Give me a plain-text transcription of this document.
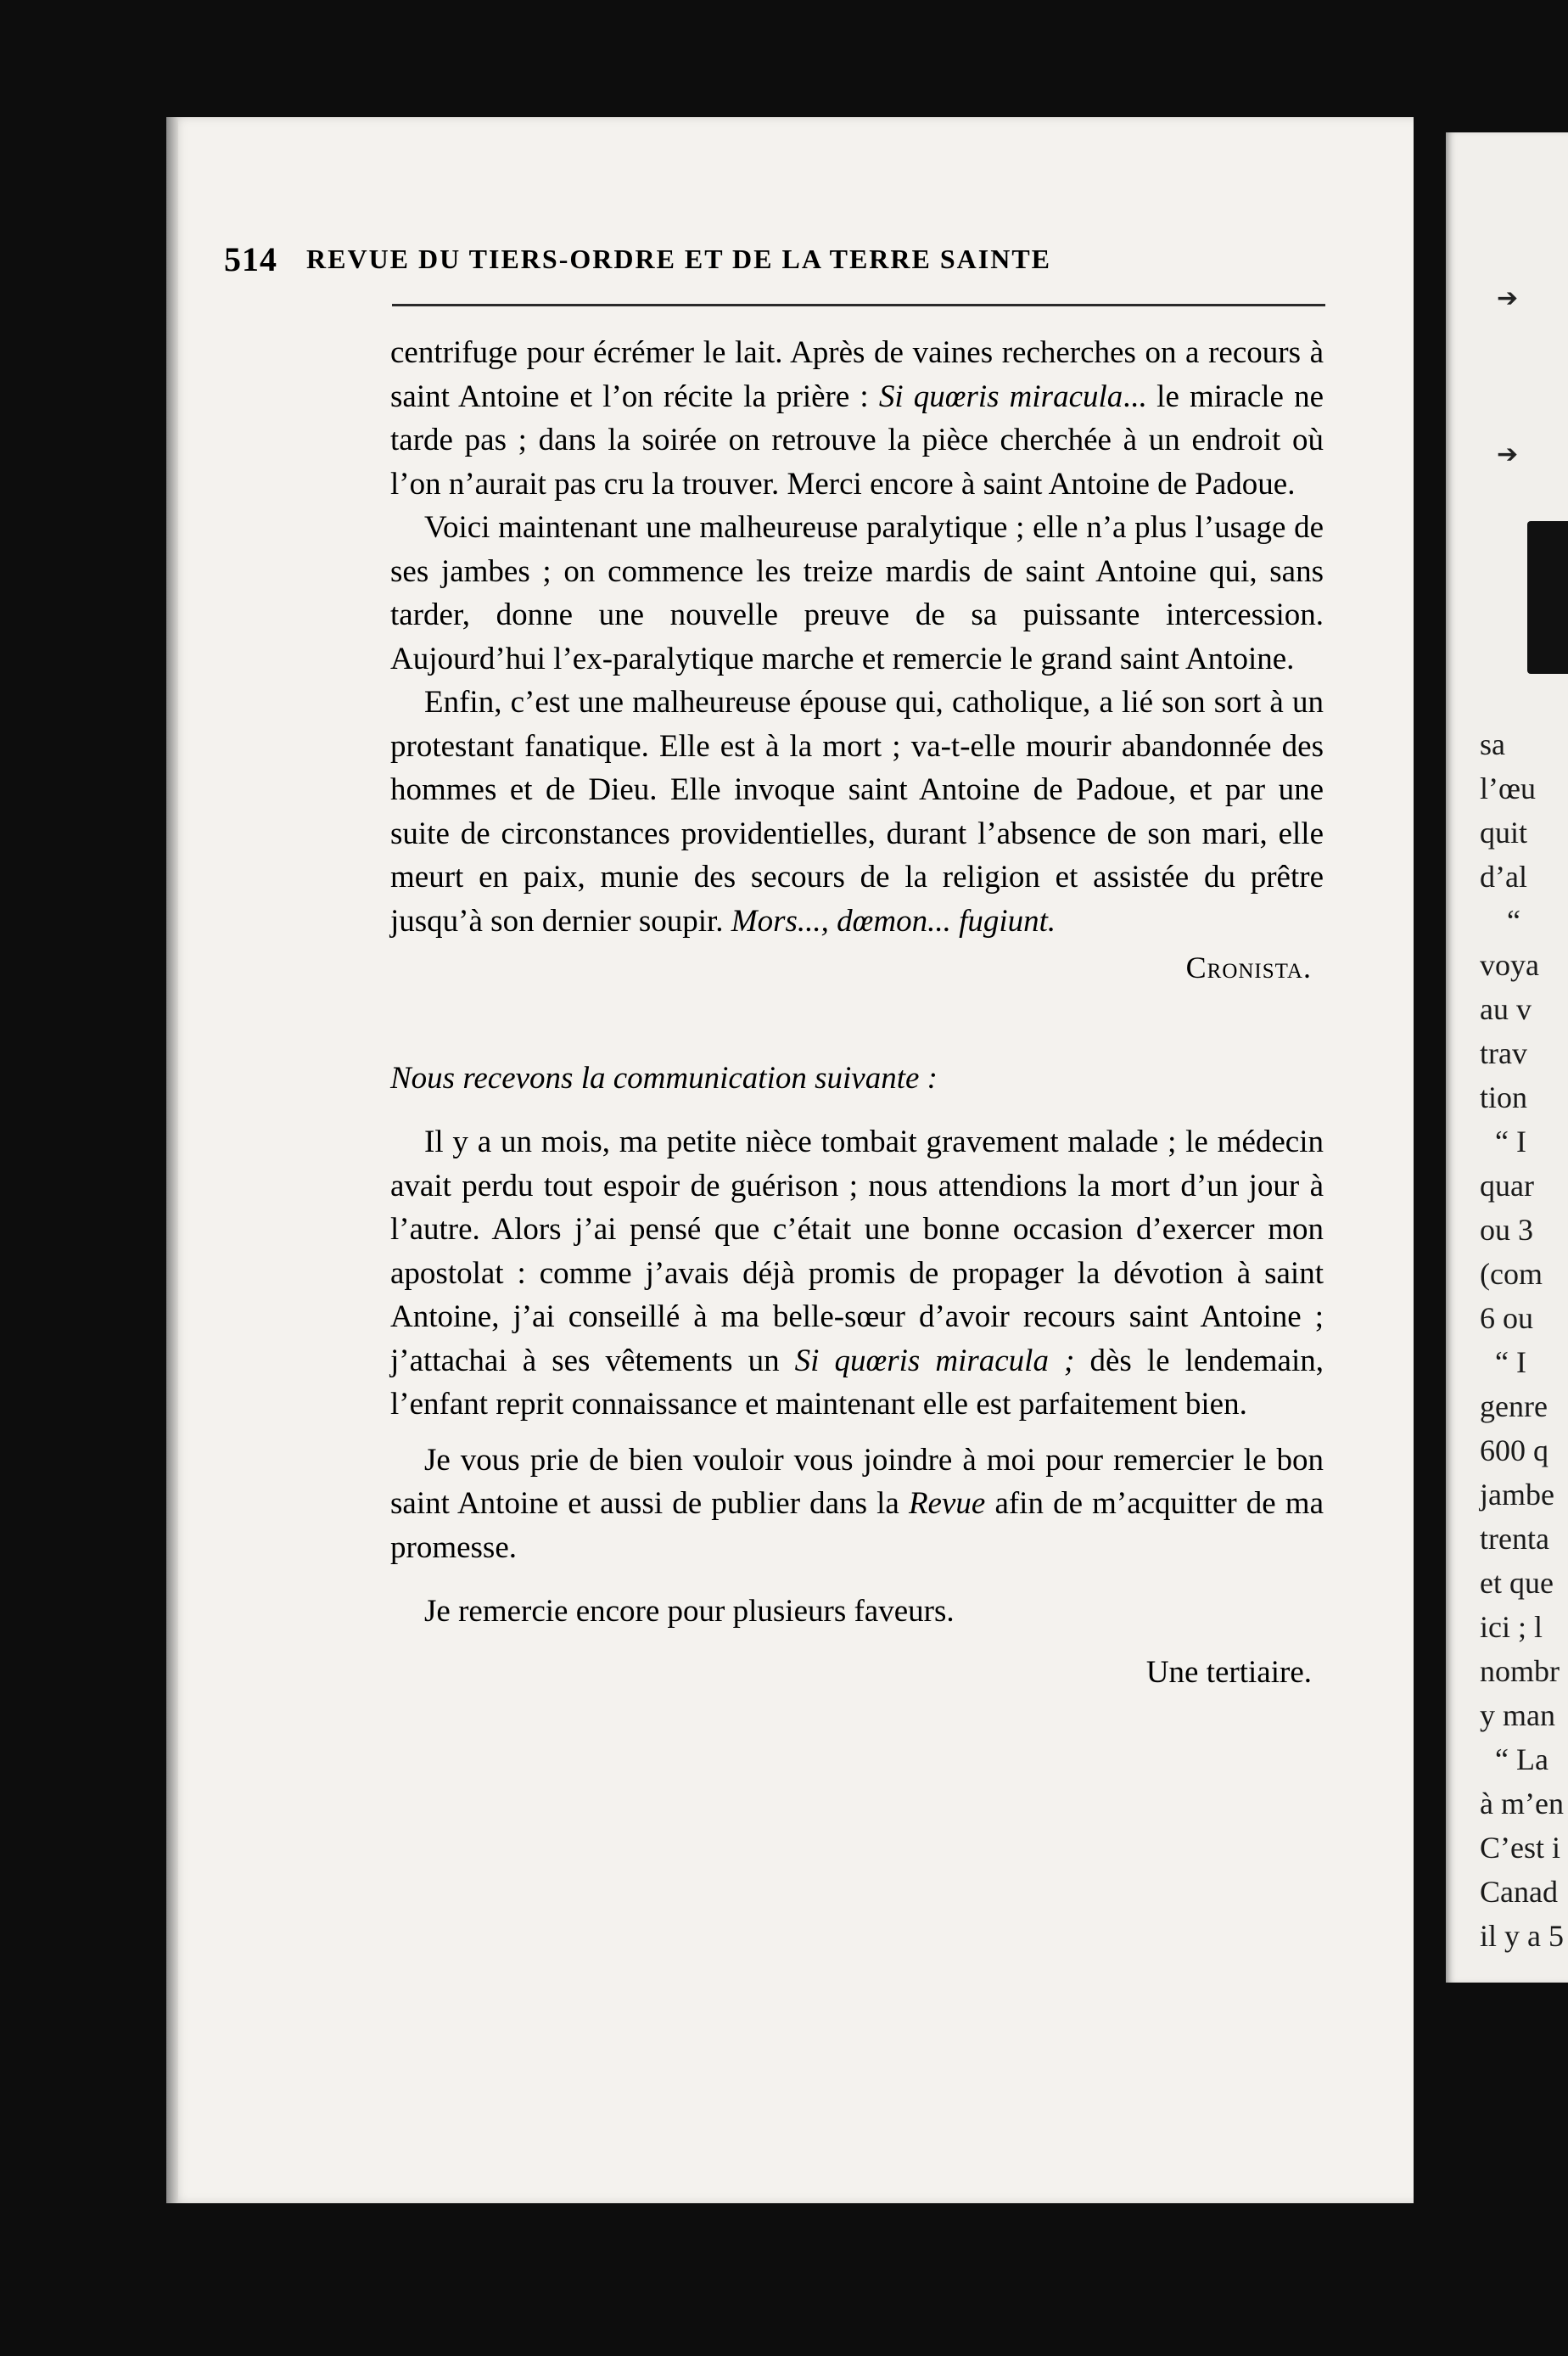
➔
➔
sa
l’œu
quit
d’al
“
voya
au v
trav
tion
“ I
quar
ou 3
(com
6 ou
“ I
genre
600 q
jambe
trenta
et que
ici ; l
nombr
y man
“ La
à m’en
C’est i
Canad
il y a 5
514 REVUE DU TIERS-ORDRE ET DE LA TERRE SAINTE

centrifuge pour écrémer le lait. Après de vaines recherches on a recours à saint Antoine et l’on récite la prière : Si quœris miracula... le miracle ne tarde pas ; dans la soirée on retrouve la pièce cherchée à un endroit où l’on n’aurait pas cru la trouver. Merci encore à saint Antoine de Padoue.

Voici maintenant une malheureuse paralytique ; elle n’a plus l’usage de ses jambes ; on commence les treize mardis de saint Antoine qui, sans tarder, donne une nouvelle preuve de sa puissante intercession. Aujourd’hui l’ex-paralytique marche et remercie le grand saint Antoine.

Enfin, c’est une malheureuse épouse qui, catholique, a lié son sort à un protestant fanatique. Elle est à la mort ; va-t-elle mourir abandonnée des hommes et de Dieu. Elle invoque saint Antoine de Padoue, et par une suite de circonstances providentielles, durant l’absence de son mari, elle meurt en paix, munie des secours de la religion et assistée du prêtre jusqu’à son dernier soupir. Mors..., dœmon... fugiunt.

Cronista.

Nous recevons la communication suivante :

Il y a un mois, ma petite nièce tombait gravement malade ; le médecin avait perdu tout espoir de guérison ; nous attendions la mort d’un jour à l’autre. Alors j’ai pensé que c’était une bonne occasion d’exercer mon apostolat : comme j’avais déjà promis de propager la dévotion à saint Antoine, j’ai conseillé à ma belle-sœur d’avoir recours saint Antoine ; j’attachai à ses vêtements un Si quœris miracula ; dès le lendemain, l’enfant reprit connaissance et maintenant elle est parfaitement bien.

Je vous prie de bien vouloir vous joindre à moi pour remercier le bon saint Antoine et aussi de publier dans la Revue afin de m’acquitter de ma promesse.

Je remercie encore pour plusieurs faveurs.

Une tertiaire.
